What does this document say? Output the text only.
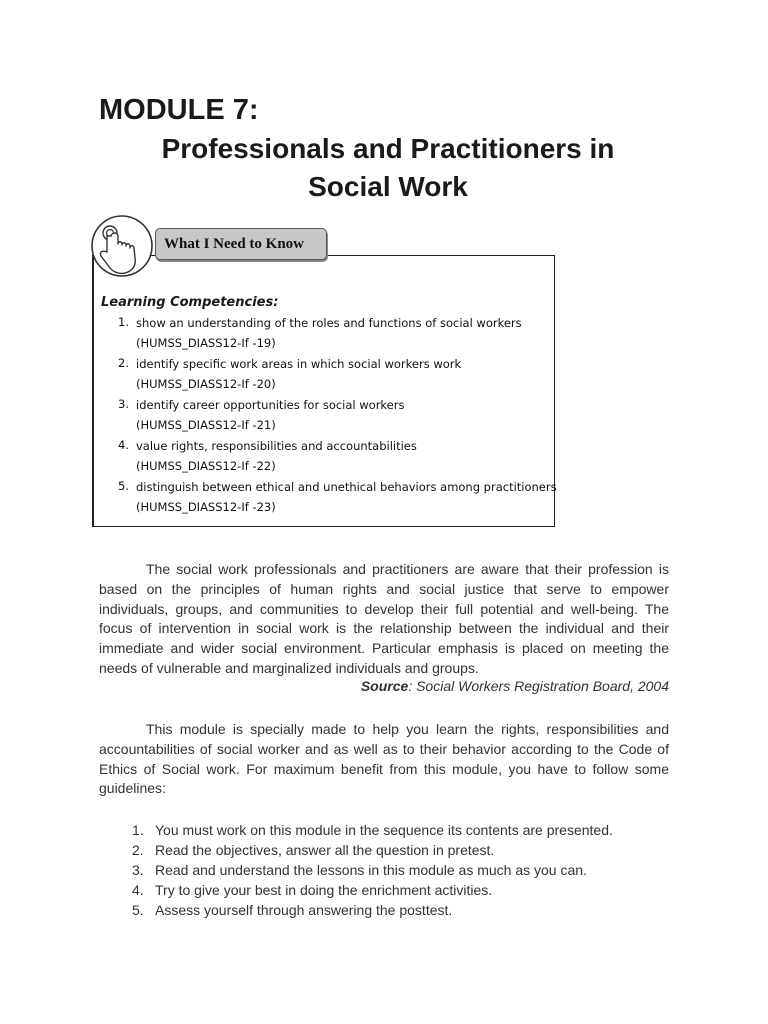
MODULE 7:
Professionals and Practitioners in
Social Work
What I Need to Know

Learning Competencies:

1. show an understanding of the roles and functions of social workers
(HUMSS_DIASS12-If -19)
2. identify specific work areas in which social workers work
(HUMSS_DIASS12-If -20)
3. identify career opportunities for social workers
(HUMSS_DIASS12-If -21)
4. value rights, responsibilities and accountabilities
(HUMSS_DIASS12-If -22)
5. distinguish between ethical and unethical behaviors among practitioners
(HUMSS_DIASS12-If -23)

The social work professionals and practitioners are aware that their profession is based on the principles of human rights and social justice that serve to empower individuals, groups, and communities to develop their full potential and well-being. The focus of intervention in social work is the relationship between the individual and their immediate and wider social environment. Particular emphasis is placed on meeting the needs of vulnerable and marginalized individuals and groups.

Source: Social Workers Registration Board, 2004

This module is specially made to help you learn the rights, responsibilities and accountabilities of social worker and as well as to their behavior according to the Code of Ethics of Social work. For maximum benefit from this module, you have to follow some guidelines:

1. You must work on this module in the sequence its contents are presented.
2. Read the objectives, answer all the question in pretest.
3. Read and understand the lessons in this module as much as you can.
4. Try to give your best in doing the enrichment activities.
5. Assess yourself through answering the posttest.
